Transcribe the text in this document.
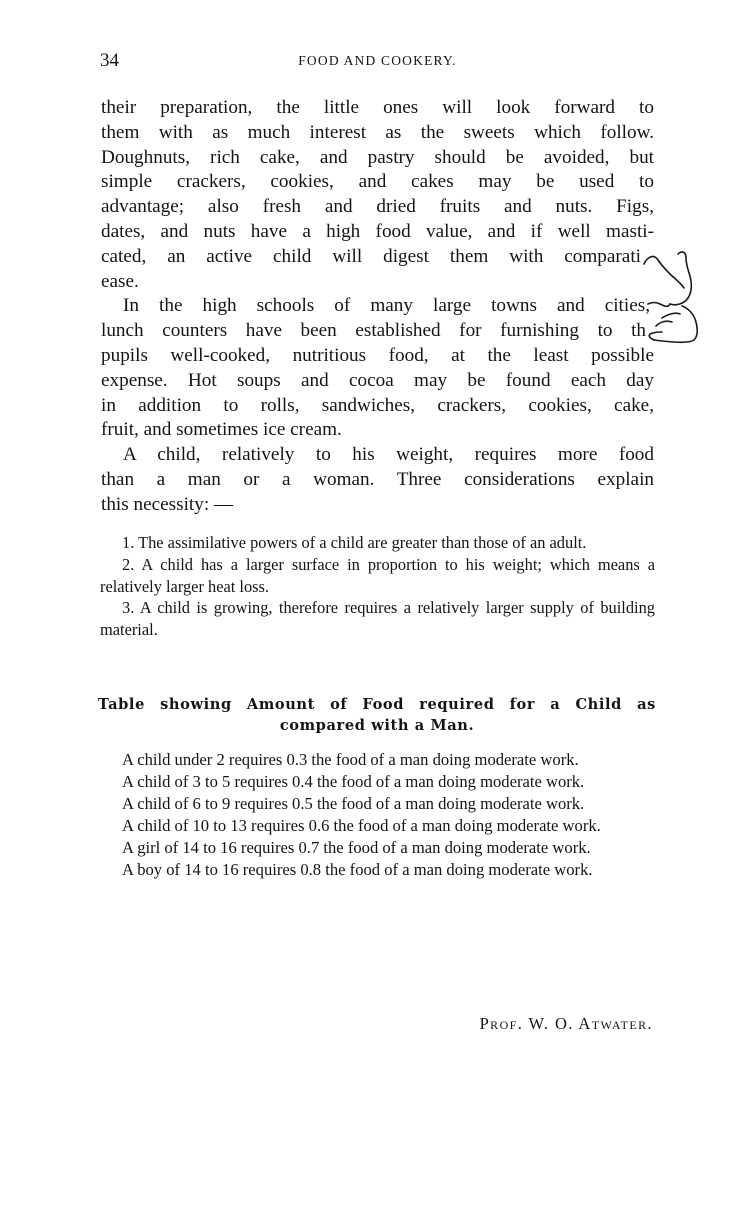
34	FOOD AND COOKERY.

their preparation, the little ones will look forward to
them with as much interest as the sweets which follow.
Doughnuts, rich cake, and pastry should be avoided, but
simple crackers, cookies, and cakes may be used to
advantage; also fresh and dried fruits and nuts. Figs,
dates, and nuts have a high food value, and if well masti-
cated, an active child will digest them with comparati
ease.

In the high schools of many large towns and cities,
lunch counters have been established for furnishing to th
pupils well-cooked, nutritious food, at the least possible
expense. Hot soups and cocoa may be found each day
in addition to rolls, sandwiches, crackers, cookies, cake,
fruit, and sometimes ice cream.

A child, relatively to his weight, requires more food
than a man or a woman. Three considerations explain
this necessity: —

1. The assimilative powers of a child are greater than those of an adult.

2. A child has a larger surface in proportion to his weight; which means a relatively larger heat loss.

3. A child is growing, therefore requires a relatively larger supply of building material.

Table showing Amount of Food required for a Child as
compared with a Man.

A child under 2 requires 0.3 the food of a man doing moderate work.

A child of 3 to 5 requires 0.4 the food of a man doing moderate work.

A child of 6 to 9 requires 0.5 the food of a man doing moderate work.

A child of 10 to 13 requires 0.6 the food of a man doing moderate work.

A girl of 14 to 16 requires 0.7 the food of a man doing moderate work.

A boy of 14 to 16 requires 0.8 the food of a man doing moderate work.

Prof. W. O. Atwater.
